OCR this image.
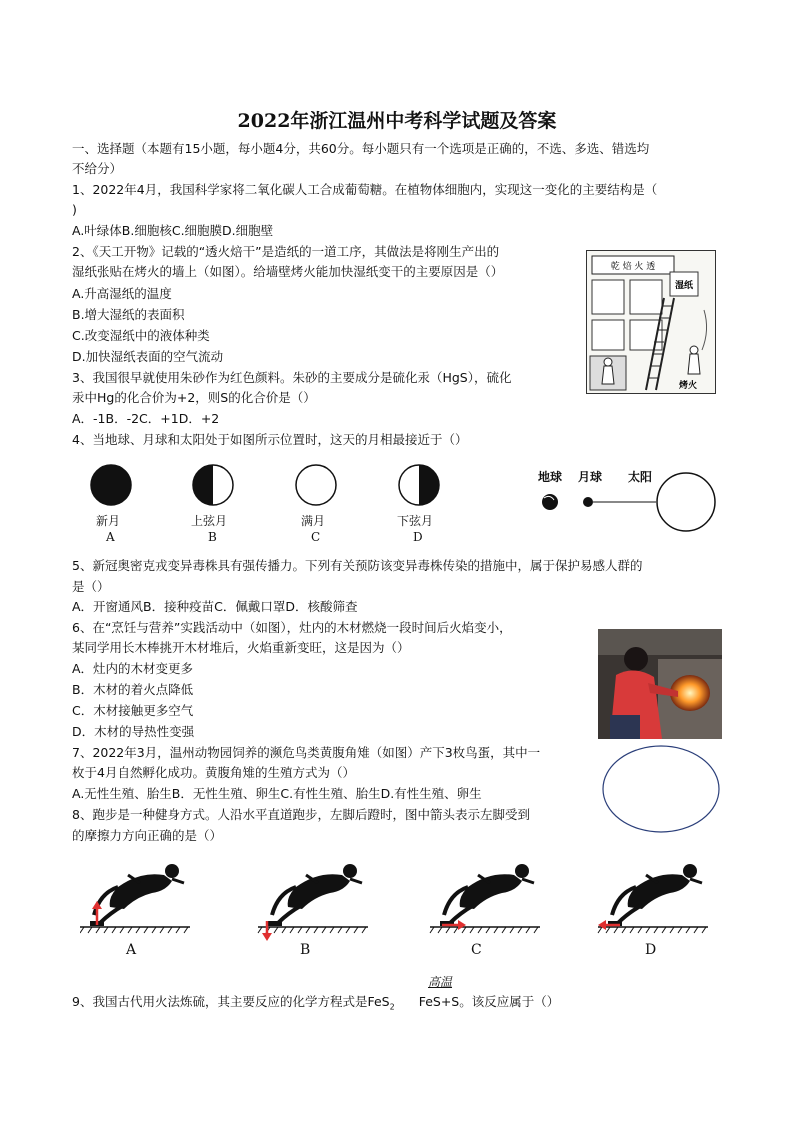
2022年浙江温州中考科学试题及答案
一、选择题（本题有15小题，每小题4分，共60分。每小题只有一个选项是正确的，不选、多选、错选均
不给分）
1、2022年4月，我国科学家将二氧化碳人工合成葡萄糖。在植物体细胞内，实现这一变化的主要结构是（
)
A.叶绿体B.细胞核C.细胞膜D.细胞壁
2、《天工开物》记载的“透火焙干”是造纸的一道工序，其做法是将刚生产出的
湿纸张贴在烤火的墙上（如图）。给墙壁烤火能加快湿纸变干的主要原因是（）
A.升高湿纸的温度
B.增大湿纸的表面积
C.改变湿纸中的液体种类
D.加快湿纸表面的空气流动
乾 焙 火 透
湿纸
烤火
3、我国很早就使用朱砂作为红色颜料。朱砂的主要成分是硫化汞（HgS），硫化
汞中Hg的化合价为+2，则S的化合价是（）
A．-1B．-2C．+1D．+2
4、当地球、月球和太阳处于如图所示位置时，这天的月相最接近于（）
新月	上弦月	满月	下弦月
A	B	C	D
地球 月球 太阳
5、新冠奥密克戎变异毒株具有强传播力。下列有关预防该变异毒株传染的措施中，属于保护易感人群的
是（）
A．开窗通风B．接种疫苗C．佩戴口罩D．核酸筛查
6、在“烹饪与营养”实践活动中（如图），灶内的木材燃烧一段时间后火焰变小，
某同学用长木棒挑开木材堆后，火焰重新变旺，这是因为（）
A．灶内的木材变更多
B．木材的着火点降低
C．木材接触更多空气
D．木材的导热性变强
7、2022年3月，温州动物园饲养的濒危鸟类黄腹角雉（如图）产下3枚鸟蛋，其中一
枚于4月自然孵化成功。黄腹角雉的生殖方式为（）
A.无性生殖、胎生B．无性生殖、卵生C.有性生殖、胎生D.有性生殖、卵生
8、跑步是一种健身方式。人沿水平直道跑步，左脚后蹬时，图中箭头表示左脚受到
的摩擦力方向正确的是（）
A	B	C	D
高温
9、我国古代用火法炼硫，其主要反应的化学方程式是FeS$_2$ FeS+S。该反应属于（）
